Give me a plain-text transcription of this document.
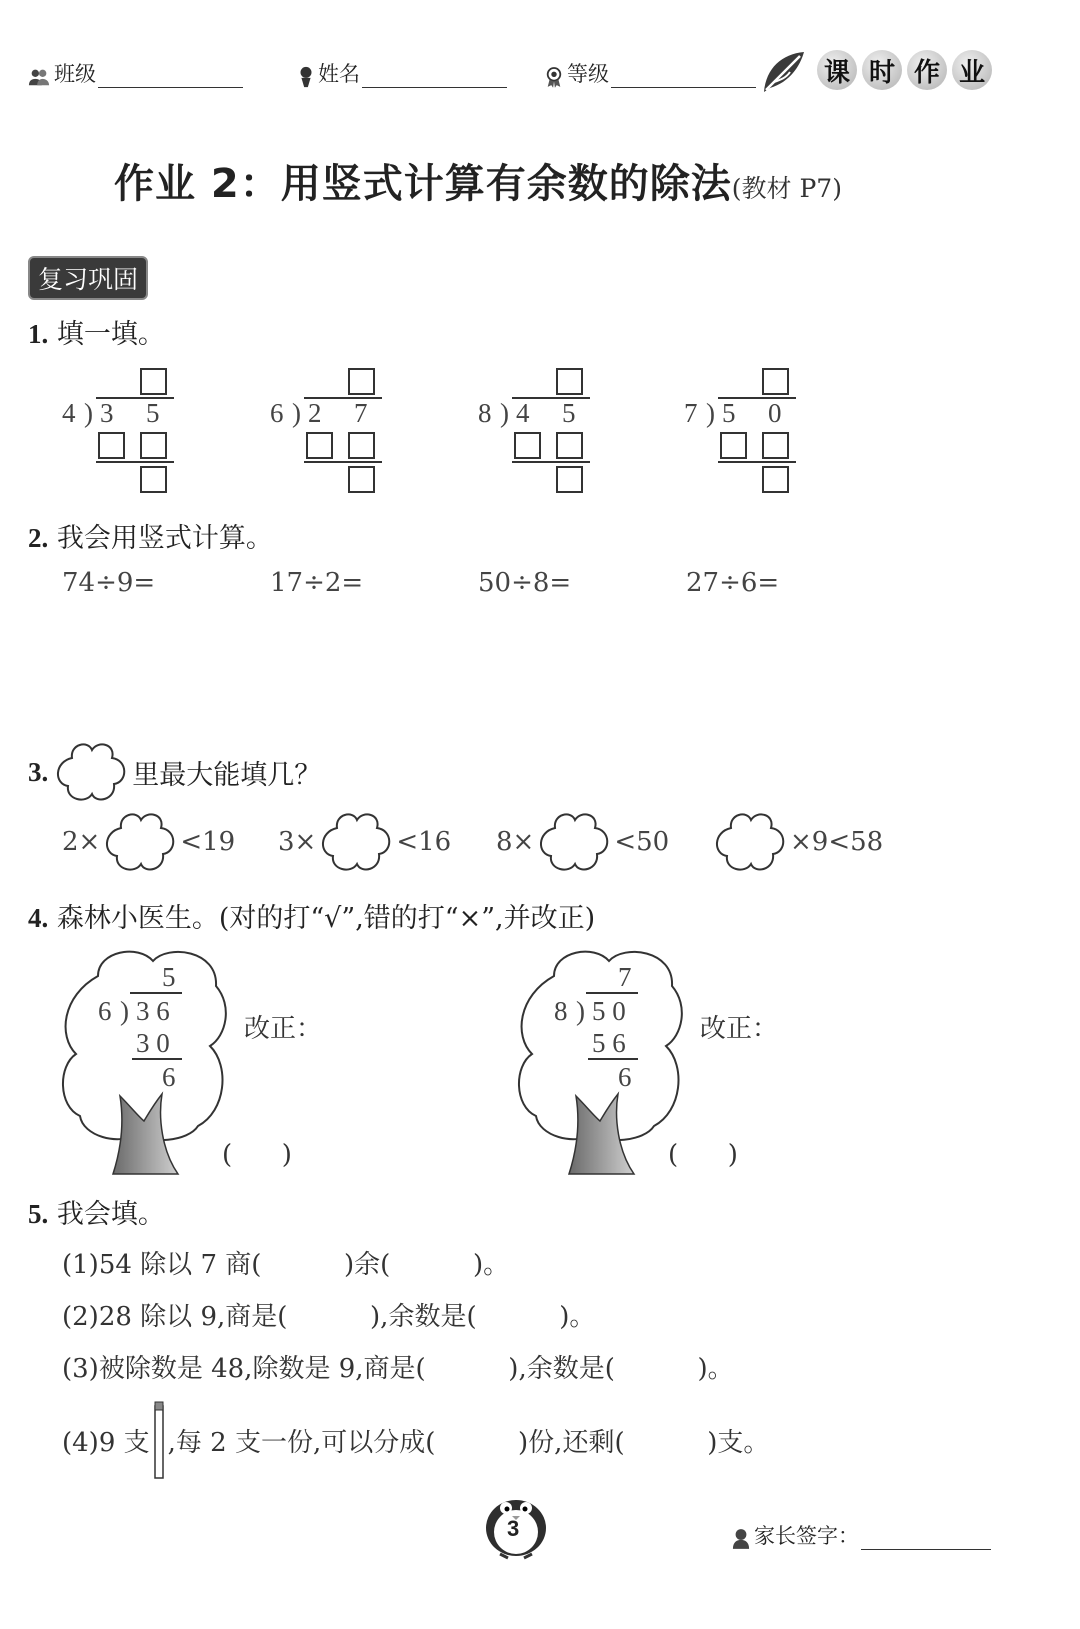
班级	姓名	等级	课 时 作 业
作业 2：用竖式计算有余数的除法(教材 P7)
复习巩固
1. 填一填。
4 ) 3 5	6 ) 2 7	8 ) 4 5	7 ) 5 0
2. 我会用竖式计算。
74÷9=	17÷2=	50÷8=	27÷6=
3.	里最大能填几？
2×	<19 3×	<16 8×	<50	×9<58
4. 森林小医生。(对的打“√”,错的打“×”,并改正)
5
6 ) 3 6
3 0
6
改正：
(      )
7
8 ) 5 0
5 6
6
改正：
(      )
5. 我会填。
(1)54 除以 7 商(          )余(          )。
(2)28 除以 9,商是(          ),余数是(          )。
(3)被除数是 48,除数是 9,商是(          ),余数是(          )。
(4)9 支 ,每 2 支一份,可以分成(          )份,还剩(          )支。
3	家长签字：
